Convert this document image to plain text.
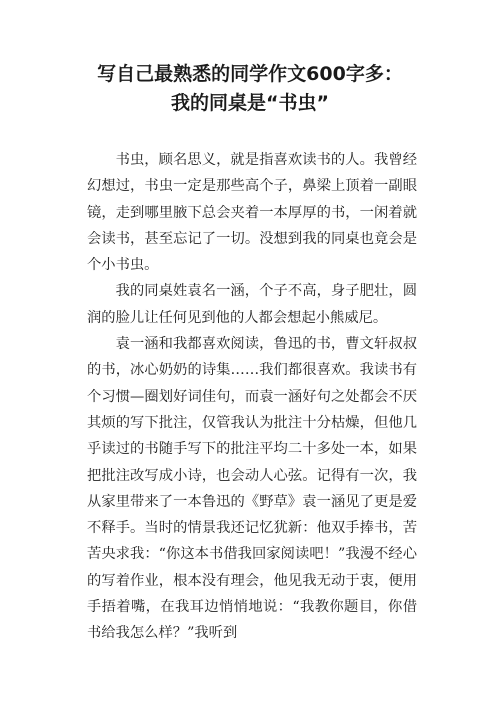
写自己最熟悉的同学作文600字多：
我的同桌是“书虫”

书虫，顾名思义，就是指喜欢读书的人。我曾经幻想过，书虫一定是那些高个子，鼻梁上顶着一副眼镜，走到哪里腋下总会夹着一本厚厚的书，一闲着就会读书，甚至忘记了一切。没想到我的同桌也竟会是个小书虫。

我的同桌姓袁名一涵，个子不高，身子肥壮，圆润的脸儿让任何见到他的人都会想起小熊威尼。

袁一涵和我都喜欢阅读，鲁迅的书，曹文轩叔叔的书，冰心奶奶的诗集……我们都很喜欢。我读书有个习惯—圈划好词佳句，而袁一涵好句之处都会不厌其烦的写下批注，仅管我认为批注十分枯燥，但他几乎读过的书随手写下的批注平均二十多处一本，如果把批注改写成小诗，也会动人心弦。记得有一次，我从家里带来了一本鲁迅的《野草》袁一涵见了更是爱不释手。当时的情景我还记忆犹新：他双手捧书，苦苦央求我：“你这本书借我回家阅读吧！”我漫不经心的写着作业，根本没有理会，他见我无动于衷，便用手捂着嘴，在我耳边悄悄地说：“我教你题目，你借书给我怎么样？”我听到
